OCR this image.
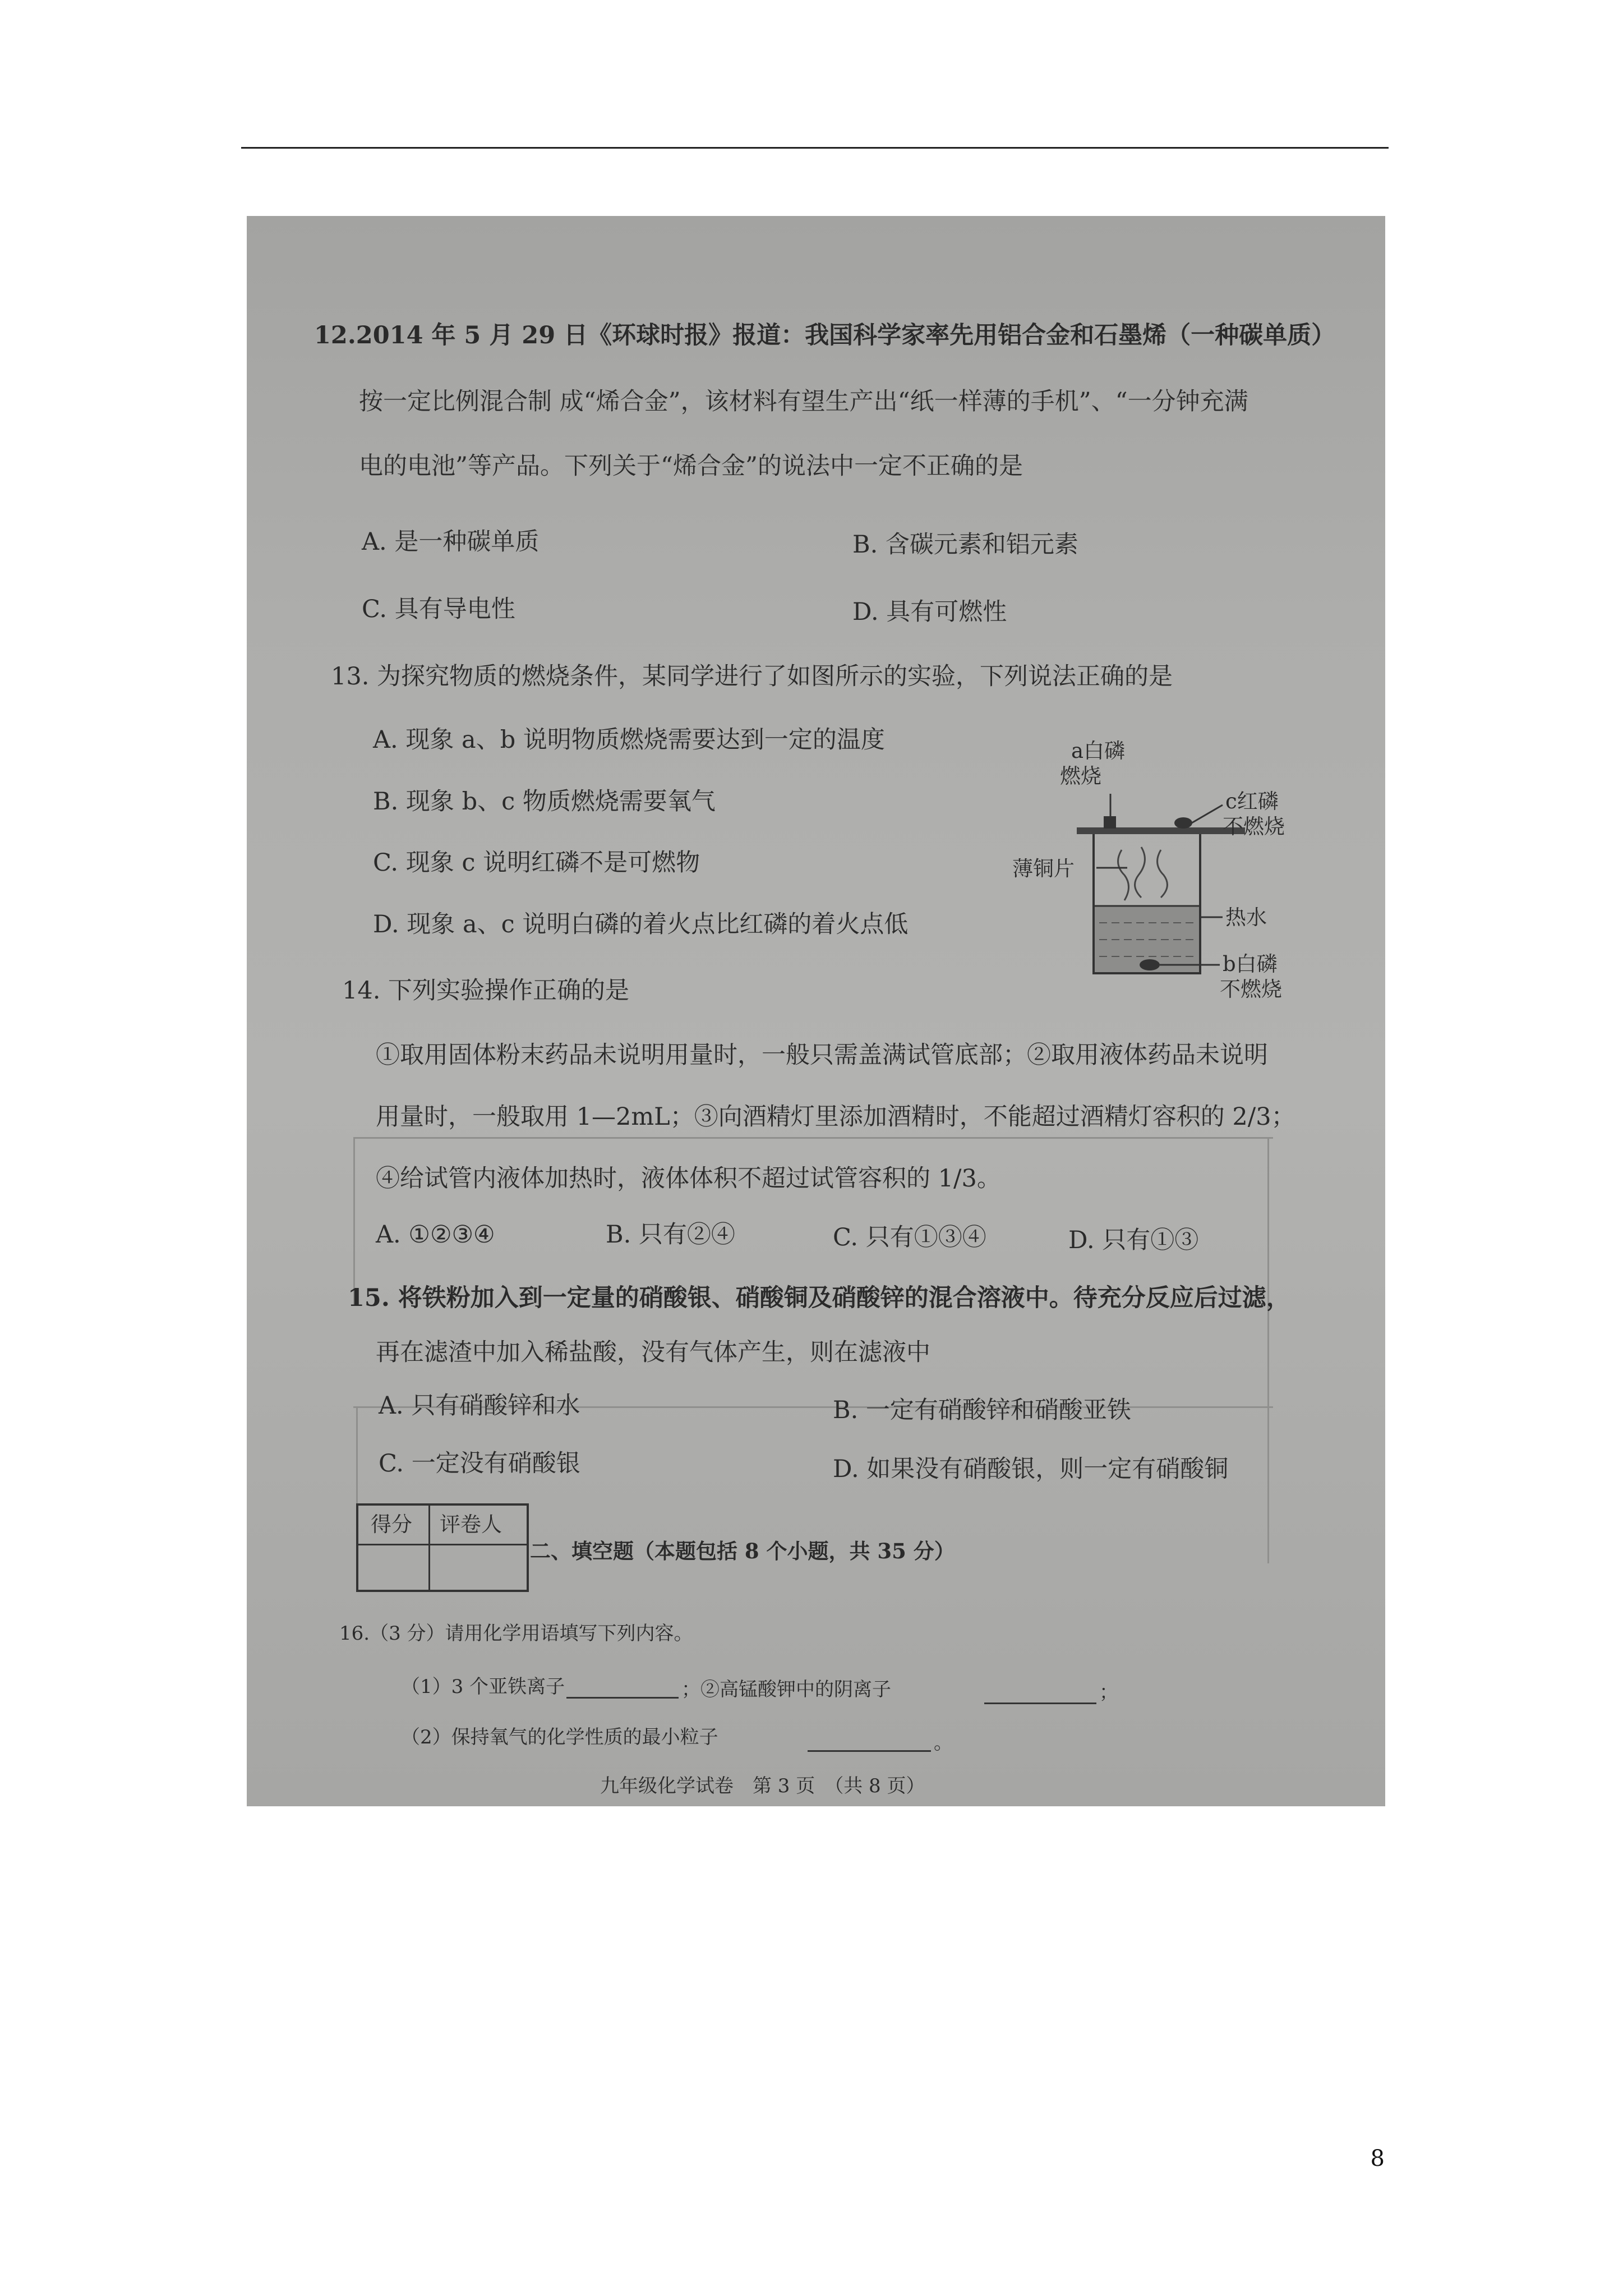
12.2014 年 5 月 29 日《环球时报》报道：我国科学家率先用铝合金和石墨烯（一种碳单质）
按一定比例混合制 成“烯合金”，该材料有望生产出“纸一样薄的手机”、“一分钟充满
电的电池”等产品。下列关于“烯合金”的说法中一定不正确的是
A. 是一种碳单质	B. 含碳元素和铝元素
C. 具有导电性	D. 具有可燃性
13. 为探究物质的燃烧条件，某同学进行了如图所示的实验，下列说法正确的是
A. 现象 a、b 说明物质燃烧需要达到一定的温度
B. 现象 b、c 物质燃烧需要氧气
C. 现象 c 说明红磷不是可燃物
D. 现象 a、c 说明白磷的着火点比红磷的着火点低
a白磷
燃烧
c红磷
不燃烧
薄铜片
热水
b白磷
不燃烧
14. 下列实验操作正确的是
①取用固体粉末药品未说明用量时，一般只需盖满试管底部；②取用液体药品未说明
用量时，一般取用 1—2mL；③向酒精灯里添加酒精时，不能超过酒精灯容积的 2/3；
④给试管内液体加热时，液体体积不超过试管容积的 1/3。
A. ①②③④	B. 只有②④	C. 只有①③④	D. 只有①③
15. 将铁粉加入到一定量的硝酸银、硝酸铜及硝酸锌的混合溶液中。待充分反应后过滤，
再在滤渣中加入稀盐酸，没有气体产生，则在滤液中
A. 只有硝酸锌和水	B. 一定有硝酸锌和硝酸亚铁
C. 一定没有硝酸银	D. 如果没有硝酸银，则一定有硝酸铜
得分 评卷人
二、填空题（本题包括 8 个小题，共 35 分）
16.（3 分）请用化学用语填写下列内容。
（1）3 个亚铁离子	；②高锰酸钾中的阴离子	；
（2）保持氧气的化学性质的最小粒子	。
九年级化学试卷　第 3 页　（共 8 页）
8
